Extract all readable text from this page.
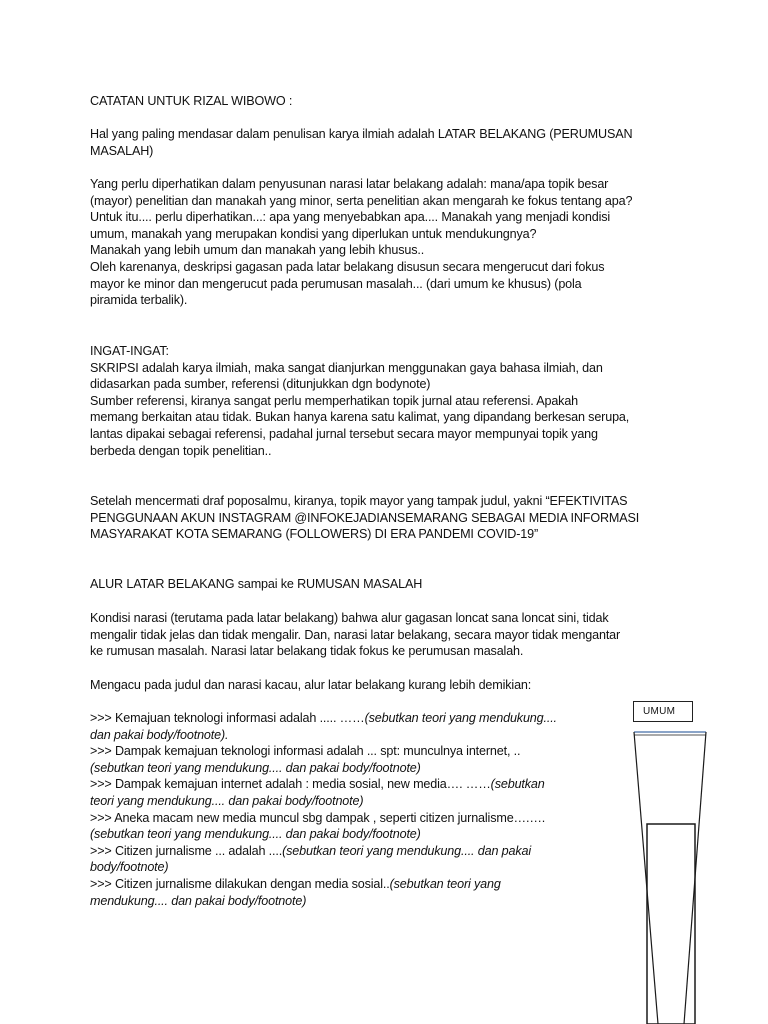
CATATAN UNTUK RIZAL WIBOWO :
Hal yang paling mendasar dalam penulisan karya ilmiah adalah LATAR BELAKANG (PERUMUSAN
MASALAH)
Yang perlu diperhatikan dalam penyusunan narasi latar belakang adalah: mana/apa topik besar
(mayor) penelitian dan manakah yang minor, serta penelitian akan mengarah ke fokus tentang apa?
Untuk itu.... perlu diperhatikan...: apa yang menyebabkan apa.... Manakah yang menjadi kondisi
umum, manakah yang merupakan kondisi yang diperlukan untuk mendukungnya?
Manakah yang lebih umum dan manakah yang lebih khusus..
Oleh karenanya, deskripsi gagasan pada latar belakang disusun secara mengerucut dari fokus
mayor ke minor dan mengerucut pada perumusan masalah... (dari umum ke khusus) (pola
piramida terbalik).
INGAT-INGAT:
SKRIPSI adalah karya ilmiah, maka sangat dianjurkan menggunakan gaya bahasa ilmiah, dan
didasarkan pada sumber, referensi (ditunjukkan dgn bodynote)
Sumber referensi, kiranya sangat perlu memperhatikan topik jurnal atau referensi. Apakah
memang berkaitan atau tidak. Bukan hanya karena satu kalimat, yang dipandang berkesan serupa,
lantas dipakai sebagai referensi, padahal jurnal tersebut secara mayor mempunyai topik yang
berbeda dengan topik penelitian..
Setelah mencermati draf poposalmu, kiranya, topik mayor yang tampak judul, yakni “EFEKTIVITAS
PENGGUNAAN AKUN INSTAGRAM @INFOKEJADIANSEMARANG SEBAGAI MEDIA INFORMASI
MASYARAKAT KOTA SEMARANG (FOLLOWERS) DI ERA PANDEMI COVID-19”
ALUR LATAR BELAKANG sampai ke RUMUSAN MASALAH
Kondisi narasi (terutama pada latar belakang) bahwa alur gagasan loncat sana loncat sini, tidak
mengalir tidak jelas dan tidak mengalir. Dan, narasi latar belakang, secara mayor tidak mengantar
ke rumusan masalah. Narasi latar belakang tidak fokus ke perumusan masalah.
Mengacu pada judul dan narasi kacau, alur latar belakang kurang lebih demikian:
>>> Kemajuan teknologi informasi adalah ..... ……(sebutkan teori yang mendukung....
dan pakai body/footnote).
>>> Dampak kemajuan teknologi informasi adalah ... spt: munculnya internet, ..
(sebutkan teori yang mendukung.... dan pakai body/footnote)
>>> Dampak kemajuan internet adalah : media sosial, new media…. ……(sebutkan
teori yang mendukung.... dan pakai body/footnote)
>>> Aneka macam new media muncul sbg dampak , seperti citizen jurnalisme….….
(sebutkan teori yang mendukung.... dan pakai body/footnote)
>>> Citizen jurnalisme ... adalah ....(sebutkan teori yang mendukung.... dan pakai
body/footnote)
>>> Citizen jurnalisme dilakukan dengan media sosial..(sebutkan teori yang
mendukung.... dan pakai body/footnote)
UMUM
